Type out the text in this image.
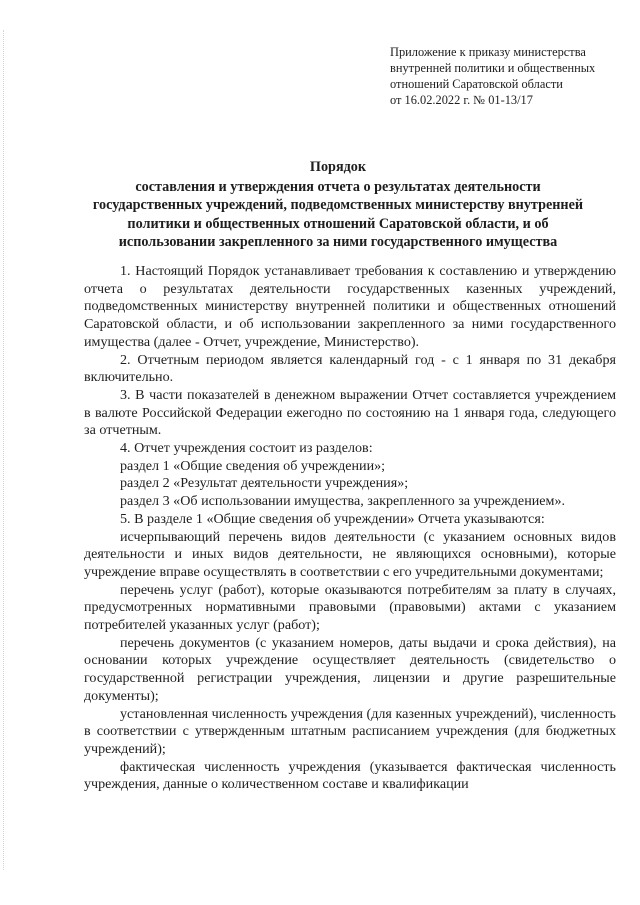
Приложение к приказу министерства
внутренней политики и общественных
отношений Саратовской области
от 16.02.2022 г. № 01-13/17
Порядок
составления и утверждения отчета о результатах деятельности
государственных учреждений, подведомственных министерству внутренней
политики и общественных отношений Саратовской области, и об
использовании закрепленного за ними государственного имущества

1. Настоящий Порядок устанавливает требования к составлению и утверждению отчета о результатах деятельности государственных казенных учреждений, подведомственных министерству внутренней политики и общественных отношений Саратовской области, и об использовании закрепленного за ними государственного имущества (далее - Отчет, учреждение, Министерство).

2. Отчетным периодом является календарный год - с 1 января по 31 декабря включительно.

3. В части показателей в денежном выражении Отчет составляется учреждением в валюте Российской Федерации ежегодно по состоянию на 1 января года, следующего за отчетным.

4. Отчет учреждения состоит из разделов:

раздел 1 «Общие сведения об учреждении»;

раздел 2 «Результат деятельности учреждения»;

раздел 3 «Об использовании имущества, закрепленного за учреждением».

5. В разделе 1 «Общие сведения об учреждении» Отчета указываются:

исчерпывающий перечень видов деятельности (с указанием основных видов деятельности и иных видов деятельности, не являющихся основными), которые учреждение вправе осуществлять в соответствии с его учредительными документами;

перечень услуг (работ), которые оказываются потребителям за плату в случаях, предусмотренных нормативными правовыми (правовыми) актами с указанием потребителей указанных услуг (работ);

перечень документов (с указанием номеров, даты выдачи и срока действия), на основании которых учреждение осуществляет деятельность (свидетельство о государственной регистрации учреждения, лицензии и другие разрешительные документы);

установленная численность учреждения (для казенных учреждений), численность в соответствии с утвержденным штатным расписанием учреждения (для бюджетных учреждений);

фактическая численность учреждения (указывается фактическая численность учреждения, данные о количественном составе и квалификации
